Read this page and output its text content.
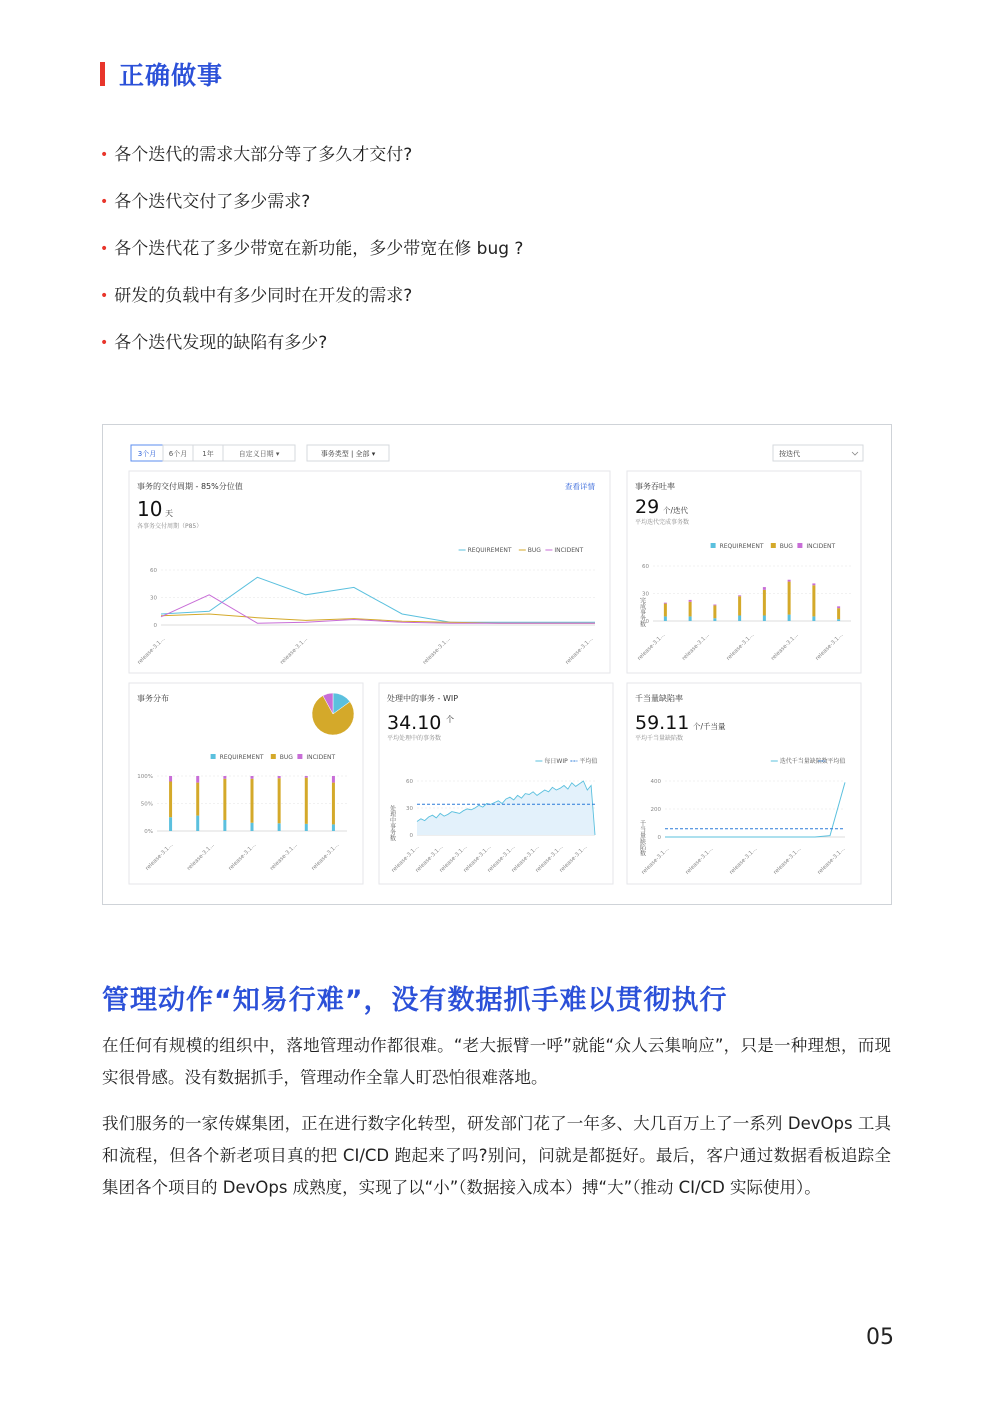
正确做事
• 各个迭代的需求大部分等了多久才交付?
• 各个迭代交付了多少需求?
• 各个迭代花了多少带宽在新功能，多少带宽在修 bug ?
• 研发的负载中有多少同时在开发的需求?
• 各个迭代发现的缺陷有多少?
3个月 6个月 1年	自定义日期 ▾	事务类型 | 全部 ▾	按迭代
事务的交付周期 - 85%分位值	查看详情
10 天
各事务交付周期（P85）
事务吞吐率
29 个/迭代
平均迭代完成事务数
完成事务数
事务分布	处理中的事务 - WIP
34.10 个
平均处理中的事务数
处理中事务数
千当量缺陷率
59.11 个/千当量
平均千当量缺陷数
千当量缺陷数
REQUIREMENT	BUG INCIDENT
0
30
60
release-3.1...	release-3.1...	release-3.1...	release-3.1...
REQUIREMENT	BUG INCIDENT
0
30
60
release-3.1...	release-3.1...	release-3.1...	release-3.1...	release-3.1...
REQUIREMENT	BUG INCIDENT
0%
50%
100%
release-3.1... release-3.1... release-3.1... release-3.1... release-3.1...
每日WIP 平均值
0
30
60
release-3.1...
release-3.1...
release-3.1...
release-3.1...
release-3.1...
release-3.1...
release-3.1...
release-3.1...
迭代千当量缺陷数 平均值
0
200
400
release-3.1...	release-3.1...	release-3.1...	release-3.1...	release-3.1...
管理动作“知易行难”，没有数据抓手难以贯彻执行

在任何有规模的组织中，落地管理动作都很难。“老大振臂一呼”就能“众人云集响应”，只是一种理想，而现实很骨感。没有数据抓手，管理动作全靠人盯恐怕很难落地。

我们服务的一家传媒集团，正在进行数字化转型，研发部门花了一年多、大几百万上了一系列 DevOps 工具和流程，但各个新老项目真的把 CI/CD 跑起来了吗?别问，问就是都挺好。最后，客户通过数据看板追踪全集团各个项目的 DevOps 成熟度，实现了以“小”（数据接入成本）搏“大”（推动 CI/CD 实际使用）。

05
